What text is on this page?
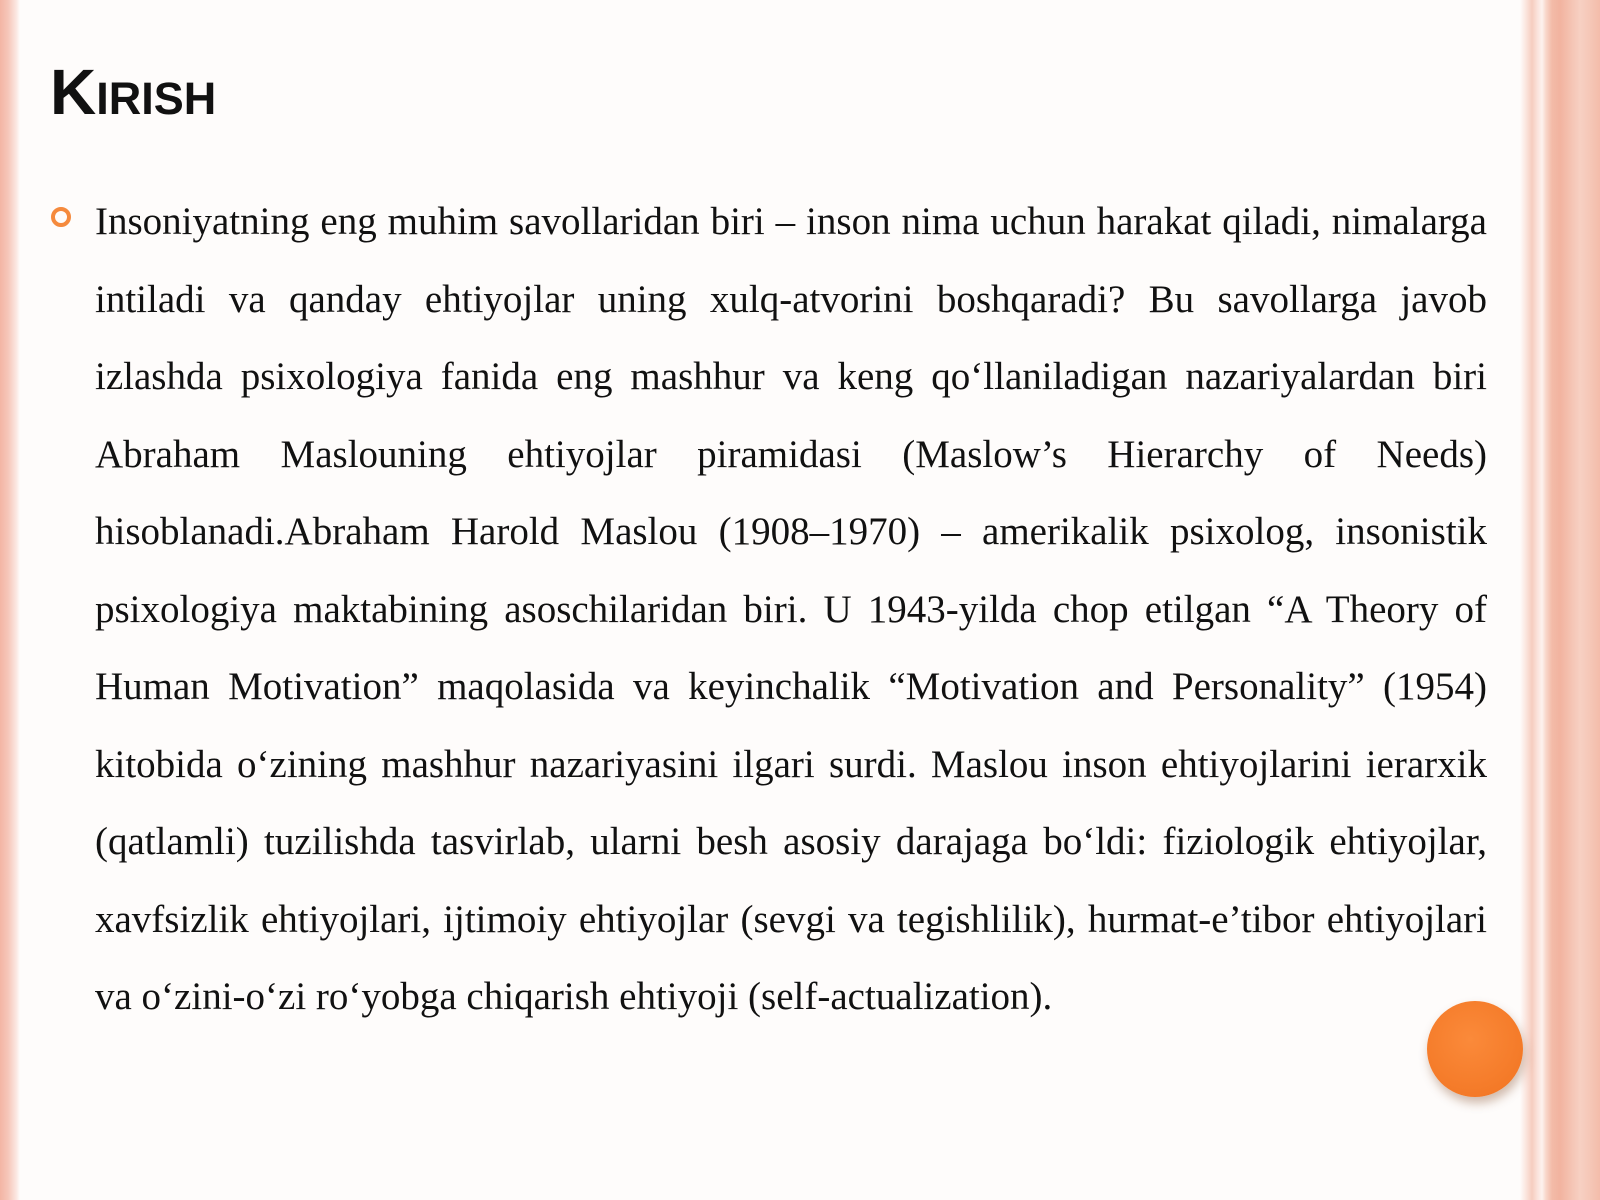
Kirish

Insoniyatning eng muhim savollaridan biri – inson nima uchun harakat qiladi, nimalarga intiladi va qanday ehtiyojlar uning xulq-atvorini boshqaradi? Bu savollarga javob izlashda psixologiya fanida eng mashhur va keng qo‘llaniladigan nazariyalardan biri Abraham Maslouning ehtiyojlar piramidasi (Maslow’s Hierarchy of Needs) hisoblanadi.Abraham Harold Maslou (1908–1970) – amerikalik psixolog, insonistik psixologiya maktabining asoschilaridan biri. U 1943-yilda chop etilgan “A Theory of Human Motivation” maqolasida va keyinchalik “Motivation and Personality” (1954) kitobida o‘zining mashhur nazariyasini ilgari surdi. Maslou inson ehtiyojlarini ierarxik (qatlamli) tuzilishda tasvirlab, ularni besh asosiy darajaga bo‘ldi: fiziologik ehtiyojlar, xavfsizlik ehtiyojlari, ijtimoiy ehtiyojlar (sevgi va tegishlilik), hurmat-e’tibor ehtiyojlari va o‘zini-o‘zi ro‘yobga chiqarish ehtiyoji (self-actualization).
